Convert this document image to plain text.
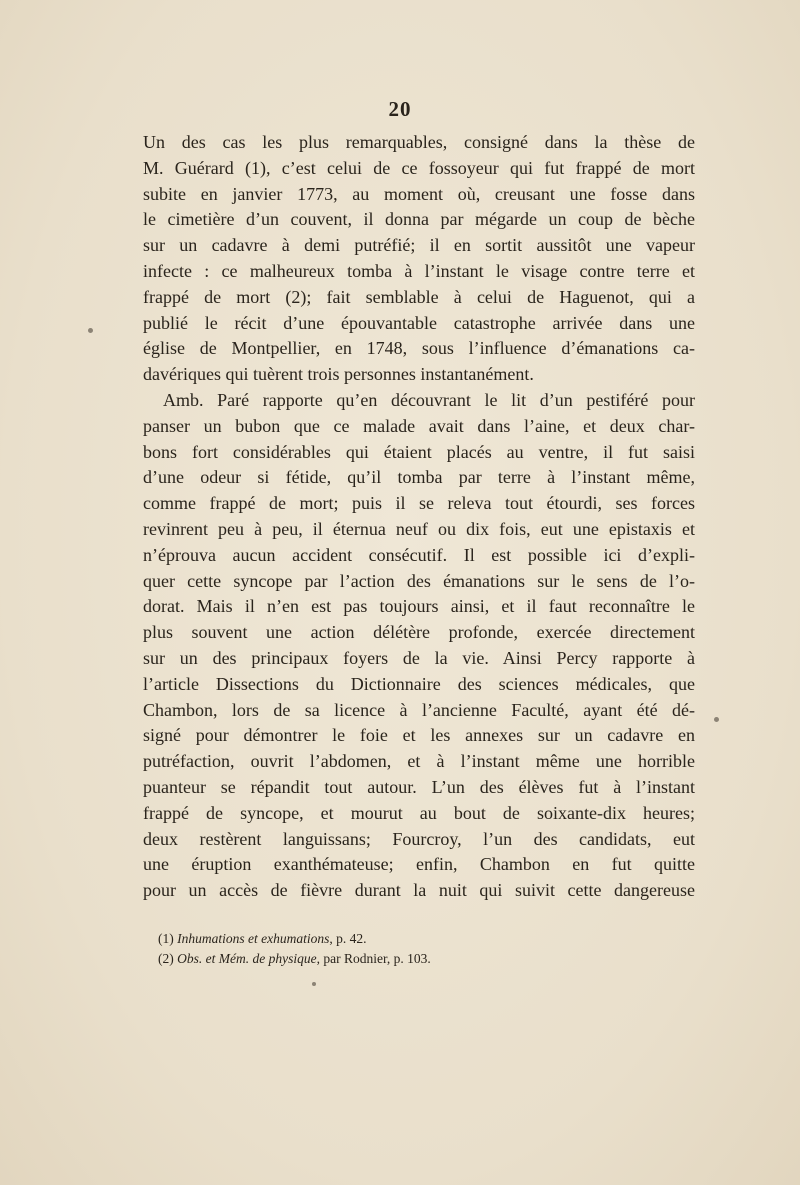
20
Un des cas les plus remarquables, consigné dans la thèse de
M. Guérard (1), c’est celui de ce fossoyeur qui fut frappé de mort
subite en janvier 1773, au moment où, creusant une fosse dans
le cimetière d’un couvent, il donna par mégarde un coup de bèche
sur un cadavre à demi putréfié; il en sortit aussitôt une vapeur
infecte : ce malheureux tomba à l’instant le visage contre terre et
frappé de mort (2); fait semblable à celui de Haguenot, qui a
publié le récit d’une épouvantable catastrophe arrivée dans une
église de Montpellier, en 1748, sous l’influence d’émanations ca-
davériques qui tuèrent trois personnes instantanément.
Amb. Paré rapporte qu’en découvrant le lit d’un pestiféré pour
panser un bubon que ce malade avait dans l’aine, et deux char-
bons fort considérables qui étaient placés au ventre, il fut saisi
d’une odeur si fétide, qu’il tomba par terre à l’instant même,
comme frappé de mort; puis il se releva tout étourdi, ses forces
revinrent peu à peu, il éternua neuf ou dix fois, eut une epistaxis et
n’éprouva aucun accident consécutif. Il est possible ici d’expli-
quer cette syncope par l’action des émanations sur le sens de l’o-
dorat. Mais il n’en est pas toujours ainsi, et il faut reconnaître le
plus souvent une action délétère profonde, exercée directement
sur un des principaux foyers de la vie. Ainsi Percy rapporte à
l’article Dissections du Dictionnaire des sciences médicales, que
Chambon, lors de sa licence à l’ancienne Faculté, ayant été dé-
signé pour démontrer le foie et les annexes sur un cadavre en
putréfaction, ouvrit l’abdomen, et à l’instant même une horrible
puanteur se répandit tout autour. L’un des élèves fut à l’instant
frappé de syncope, et mourut au bout de soixante-dix heures;
deux restèrent languissans; Fourcroy, l’un des candidats, eut
une éruption exanthémateuse; enfin, Chambon en fut quitte
pour un accès de fièvre durant la nuit qui suivit cette dangereuse
(1) Inhumations et exhumations, p. 42.
(2) Obs. et Mém. de physique, par Rodnier, p. 103.
